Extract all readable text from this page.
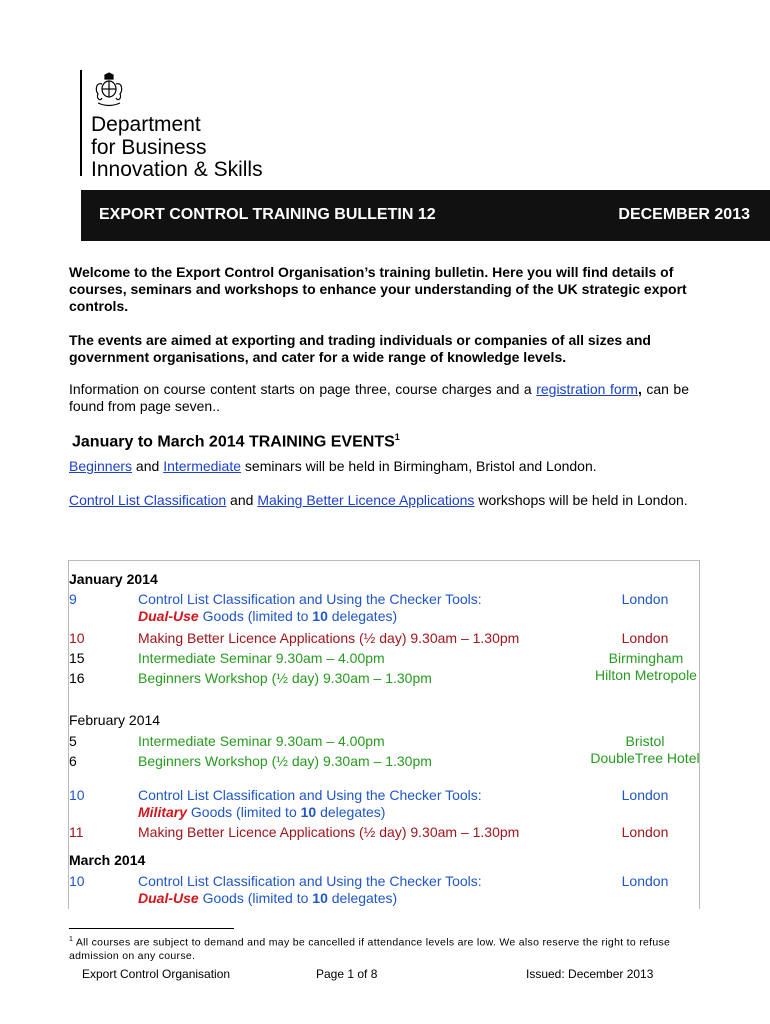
Department
for Business
Innovation & Skills
EXPORT CONTROL TRAINING BULLETIN 12	DECEMBER 2013
Welcome to the Export Control Organisation’s training bulletin. Here you will find details of courses, seminars and workshops to enhance your understanding of the UK strategic export controls.
The events are aimed at exporting and trading individuals or companies of all sizes and government organisations, and cater for a wide range of knowledge levels.
Information on course content starts on page three, course charges and a registration form, can be found from page seven..
January to March 2014 TRAINING EVENTS$^1$
Beginners and Intermediate seminars will be held in Birmingham, Bristol and London.
Control List Classification and Making Better Licence Applications workshops will be held in London.
January 2014
9	Control List Classification and Using the Checker Tools:
Dual-Use Goods (limited to 10 delegates)
London
10	Making Better Licence Applications (½ day) 9.30am – 1.30pm	London
15	Intermediate Seminar 9.30am – 4.00pm	Birmingham Hilton Metropole
16	Beginners Workshop (½ day) 9.30am – 1.30pm
February 2014
5	Intermediate Seminar 9.30am – 4.00pm	Bristol DoubleTree Hotel
6	Beginners Workshop (½ day) 9.30am – 1.30pm
10	Control List Classification and Using the Checker Tools:
Military Goods (limited to 10 delegates)
London
11	Making Better Licence Applications (½ day) 9.30am – 1.30pm	London
March 2014
10	Control List Classification and Using the Checker Tools:
Dual-Use Goods (limited to 10 delegates)
London
$^1$ All courses are subject to demand and may be cancelled if attendance levels are low. We also reserve the right to refuse admission on any course.
Export Control Organisation	Page 1 of 8	Issued: December 2013
